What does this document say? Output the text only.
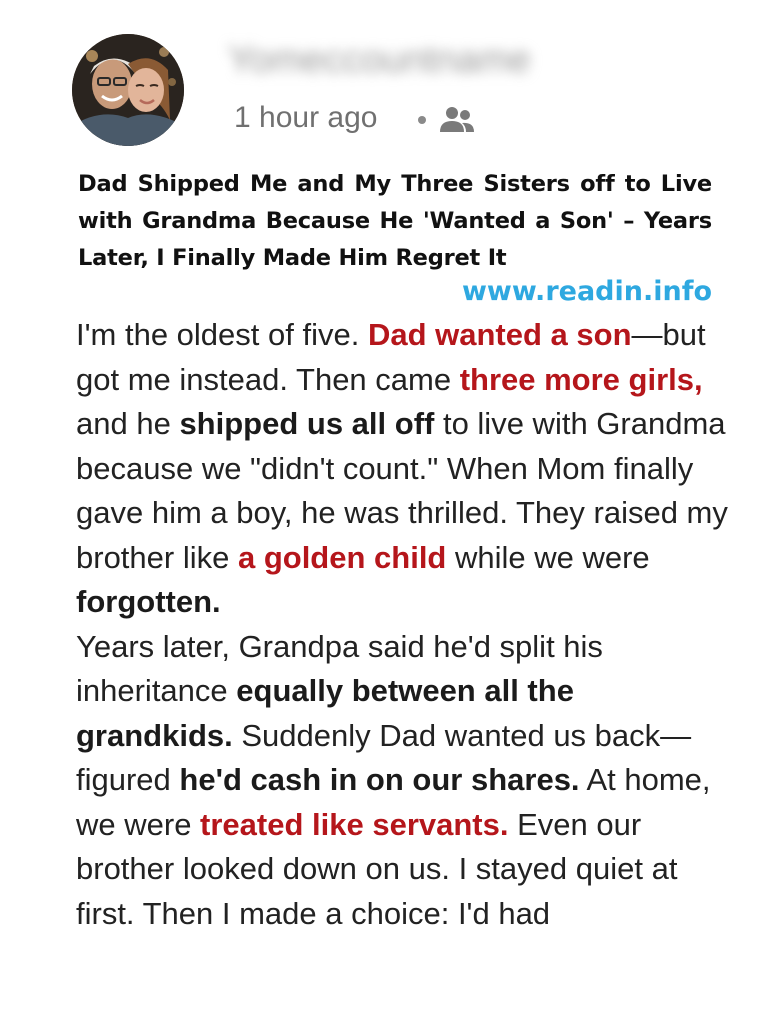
Yomeccountname
1 hour ago
Dad Shipped Me and My Three Sisters off to Live with Grandma Because He 'Wanted a Son' – Years Later, I Finally Made Him Regret It
www.readin.info
I'm the oldest of five. Dad wanted a son—but got me instead. Then came three more girls, and he shipped us all off to live with Grandma because we "didn't count." When Mom finally gave him a boy, he was thrilled. They raised my brother like a golden child while we were forgotten.
Years later, Grandpa said he'd split his inheritance equally between all the grandkids. Suddenly Dad wanted us back—figured he'd cash in on our shares. At home, we were treated like servants. Even our brother looked down on us. I stayed quiet at first. Then I made a choice: I'd had
